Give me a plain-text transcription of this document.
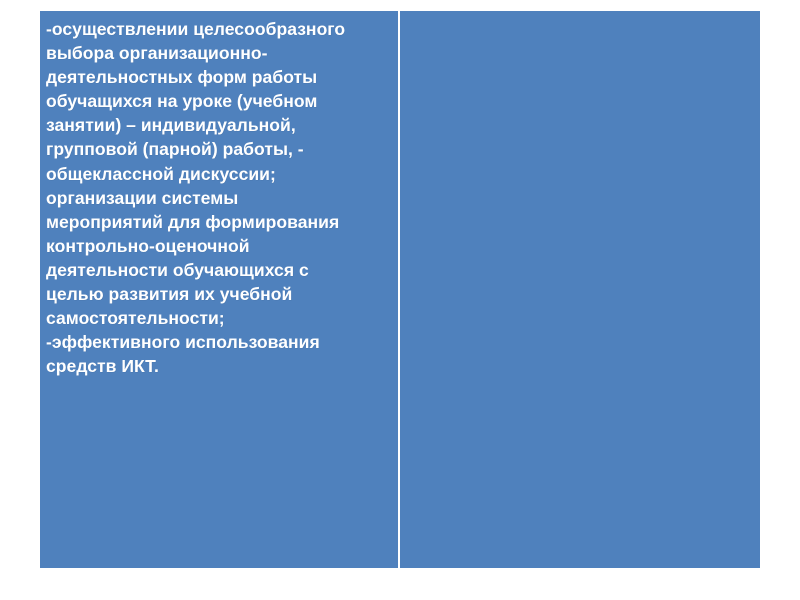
-осуществлении целесообразного
выбора организационно-
деятельностных форм работы
обучащихся на уроке (учебном
занятии) – индивидуальной,
групповой (парной) работы, -
общеклассной дискуссии;
организации системы
мероприятий для формирования
контрольно-оценочной
деятельности обучающихся с
целью развития их учебной
самостоятельности;
-эффективного использования
средств ИКТ.
